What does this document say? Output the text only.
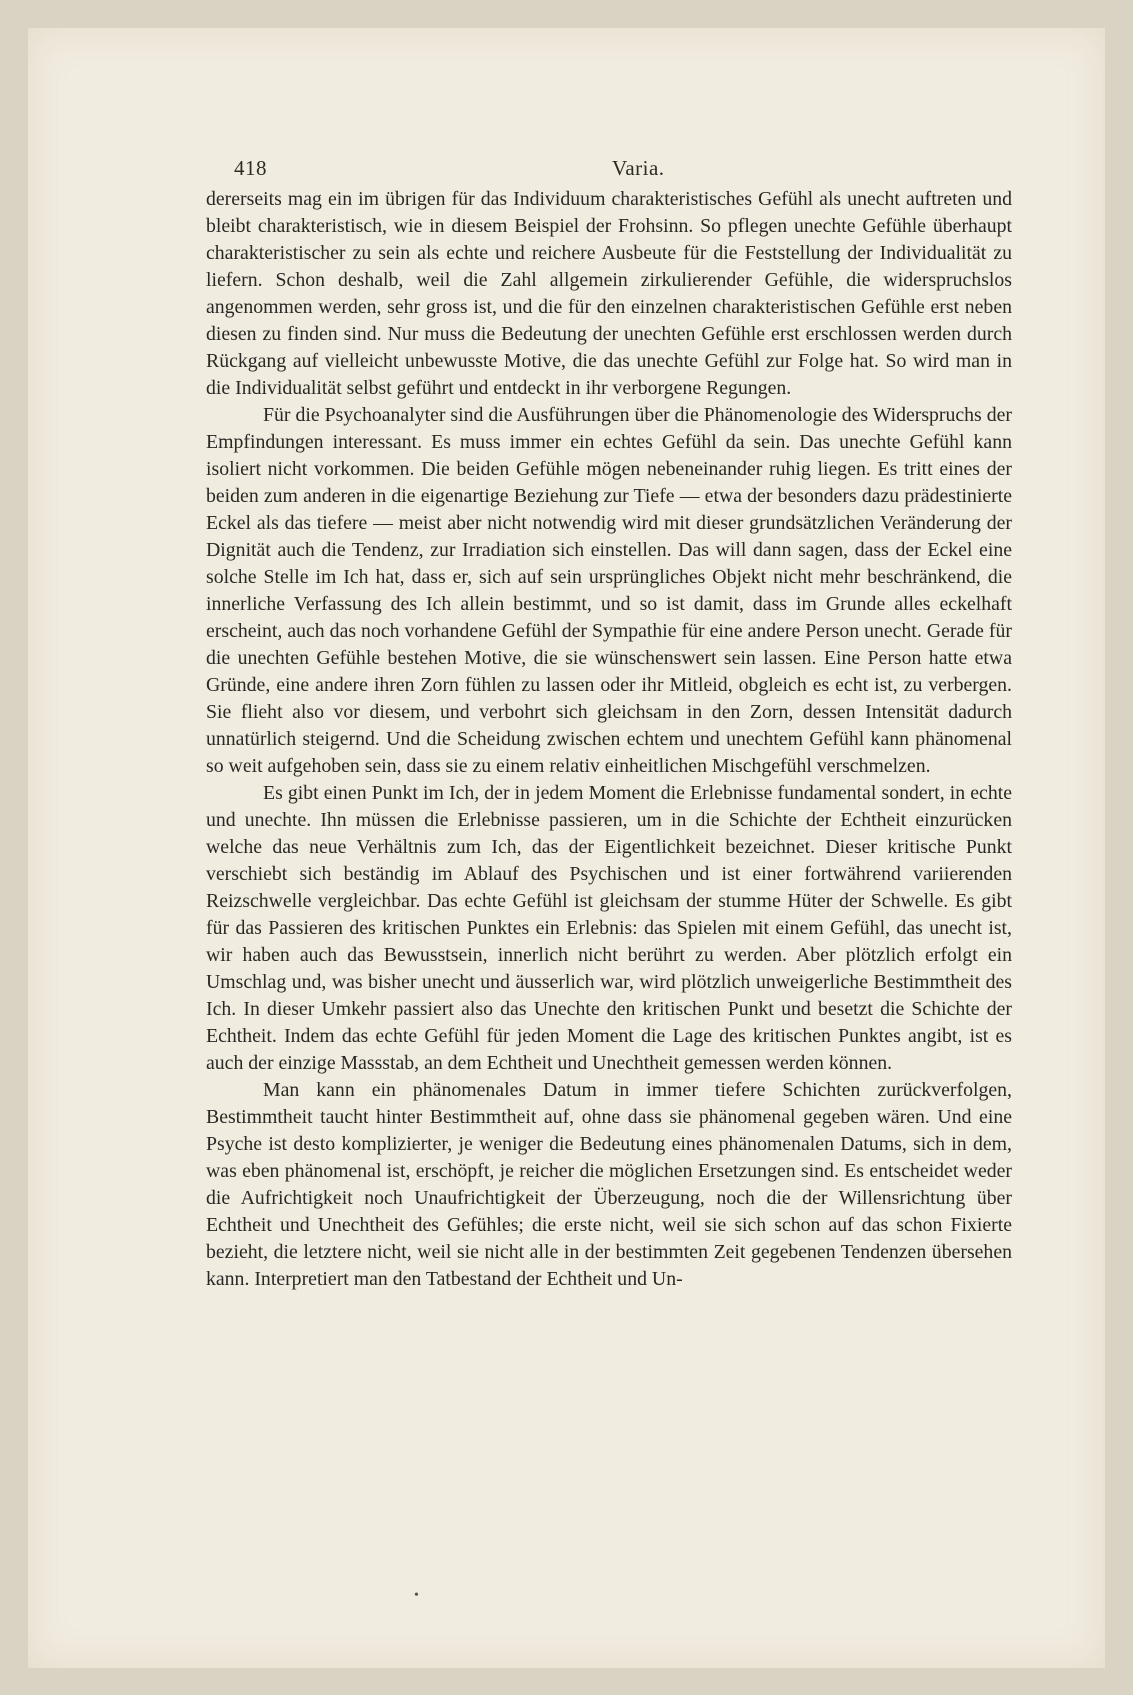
418	Varia.

dererseits mag ein im übrigen für das Individuum charakteristisches Gefühl als unecht auftreten und bleibt charakteristisch, wie in diesem Beispiel der Frohsinn. So pflegen unechte Gefühle überhaupt charakteristischer zu sein als echte und reichere Ausbeute für die Feststellung der Individualität zu liefern. Schon deshalb, weil die Zahl allgemein zirkulierender Gefühle, die widerspruchslos angenommen werden, sehr gross ist, und die für den einzelnen charakteristischen Gefühle erst neben diesen zu finden sind. Nur muss die Bedeutung der unechten Gefühle erst erschlossen werden durch Rückgang auf vielleicht unbewusste Motive, die das unechte Gefühl zur Folge hat. So wird man in die Individualität selbst geführt und entdeckt in ihr verborgene Regungen.

Für die Psychoanalyter sind die Ausführungen über die Phänomenologie des Widerspruchs der Empfindungen interessant. Es muss immer ein echtes Gefühl da sein. Das unechte Gefühl kann isoliert nicht vorkommen. Die beiden Gefühle mögen nebeneinander ruhig liegen. Es tritt eines der beiden zum anderen in die eigenartige Beziehung zur Tiefe — etwa der besonders dazu prädestinierte Eckel als das tiefere — meist aber nicht notwendig wird mit dieser grundsätzlichen Veränderung der Dignität auch die Tendenz, zur Irradiation sich einstellen. Das will dann sagen, dass der Eckel eine solche Stelle im Ich hat, dass er, sich auf sein ursprüngliches Objekt nicht mehr beschränkend, die innerliche Verfassung des Ich allein bestimmt, und so ist damit, dass im Grunde alles eckelhaft erscheint, auch das noch vorhandene Gefühl der Sympathie für eine andere Person unecht. Gerade für die unechten Gefühle bestehen Motive, die sie wünschenswert sein lassen. Eine Person hatte etwa Gründe, eine andere ihren Zorn fühlen zu lassen oder ihr Mitleid, obgleich es echt ist, zu verbergen. Sie flieht also vor diesem, und verbohrt sich gleichsam in den Zorn, dessen Intensität dadurch unnatürlich steigernd. Und die Scheidung zwischen echtem und unechtem Gefühl kann phänomenal so weit aufgehoben sein, dass sie zu einem relativ einheitlichen Mischgefühl verschmelzen.

Es gibt einen Punkt im Ich, der in jedem Moment die Erlebnisse fundamental sondert, in echte und unechte. Ihn müssen die Erlebnisse passieren, um in die Schichte der Echtheit einzurücken welche das neue Verhältnis zum Ich, das der Eigentlichkeit bezeichnet. Dieser kritische Punkt verschiebt sich beständig im Ablauf des Psychischen und ist einer fortwährend variierenden Reizschwelle vergleichbar. Das echte Gefühl ist gleichsam der stumme Hüter der Schwelle. Es gibt für das Passieren des kritischen Punktes ein Erlebnis: das Spielen mit einem Gefühl, das unecht ist, wir haben auch das Bewusstsein, innerlich nicht berührt zu werden. Aber plötzlich erfolgt ein Umschlag und, was bisher unecht und äusserlich war, wird plötzlich unweigerliche Bestimmtheit des Ich. In dieser Umkehr passiert also das Unechte den kritischen Punkt und besetzt die Schichte der Echtheit. Indem das echte Gefühl für jeden Moment die Lage des kritischen Punktes angibt, ist es auch der einzige Massstab, an dem Echtheit und Unechtheit gemessen werden können.

Man kann ein phänomenales Datum in immer tiefere Schichten zurückverfolgen, Bestimmtheit taucht hinter Bestimmtheit auf, ohne dass sie phänomenal gegeben wären. Und eine Psyche ist desto komplizierter, je weniger die Bedeutung eines phänomenalen Datums, sich in dem, was eben phänomenal ist, erschöpft, je reicher die möglichen Ersetzungen sind. Es entscheidet weder die Aufrichtigkeit noch Unaufrichtigkeit der Überzeugung, noch die der Willensrichtung über Echtheit und Unechtheit des Gefühles; die erste nicht, weil sie sich schon auf das schon Fixierte bezieht, die letztere nicht, weil sie nicht alle in der bestimmten Zeit gegebenen Tendenzen übersehen kann. Interpretiert man den Tatbestand der Echtheit und Un-

•
